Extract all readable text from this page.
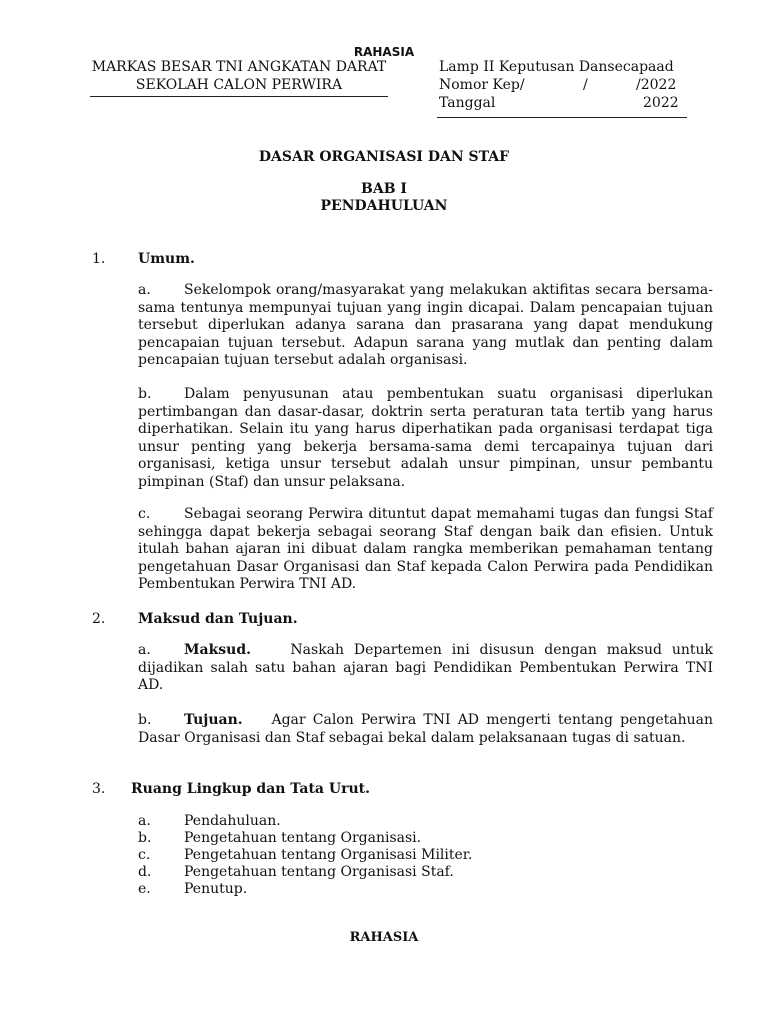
RAHASIA
MARKAS BESAR TNI ANGKATAN DARAT
SEKOLAH CALON PERWIRA
Lamp II Keputusan Dansecapaad
Nomor Kep/	/	/2022
Tanggal	2022
DASAR ORGANISASI DAN STAF
BAB I
PENDAHULUAN
1. Umum.

a. Sekelompok orang/masyarakat yang melakukan aktifitas secara bersama-sama tentunya mempunyai tujuan yang ingin dicapai. Dalam pencapaian tujuan tersebut diperlukan adanya sarana dan prasarana yang dapat mendukung pencapaian tujuan tersebut. Adapun sarana yang mutlak dan penting dalam pencapaian tujuan tersebut adalah organisasi.

b. Dalam penyusunan atau pembentukan suatu organisasi diperlukan pertimbangan dan dasar-dasar, doktrin serta peraturan tata tertib yang harus diperhatikan. Selain itu yang harus diperhatikan pada organisasi terdapat tiga unsur penting yang bekerja bersama-sama demi tercapainya tujuan dari organisasi, ketiga unsur tersebut adalah unsur pimpinan, unsur pembantu pimpinan (Staf) dan unsur pelaksana.

c. Sebagai seorang Perwira dituntut dapat memahami tugas dan fungsi Staf sehingga dapat bekerja sebagai seorang Staf dengan baik dan efisien. Untuk itulah bahan ajaran ini dibuat dalam rangka memberikan pemahaman tentang pengetahuan Dasar Organisasi dan Staf kepada Calon Perwira pada Pendidikan Pembentukan Perwira TNI AD.

2. Maksud dan Tujuan.

a. Maksud.	Naskah Departemen ini disusun dengan maksud untuk dijadikan salah satu bahan ajaran bagi Pendidikan Pembentukan Perwira TNI AD.

b. Tujuan. Agar Calon Perwira TNI AD mengerti tentang pengetahuan Dasar Organisasi dan Staf sebagai bekal dalam pelaksanaan tugas di satuan.

3. Ruang Lingkup dan Tata Urut.
a. Pendahuluan.
b. Pengetahuan tentang Organisasi.
c. Pengetahuan tentang Organisasi Militer.
d. Pengetahuan tentang Organisasi Staf.
e. Penutup.
RAHASIA
